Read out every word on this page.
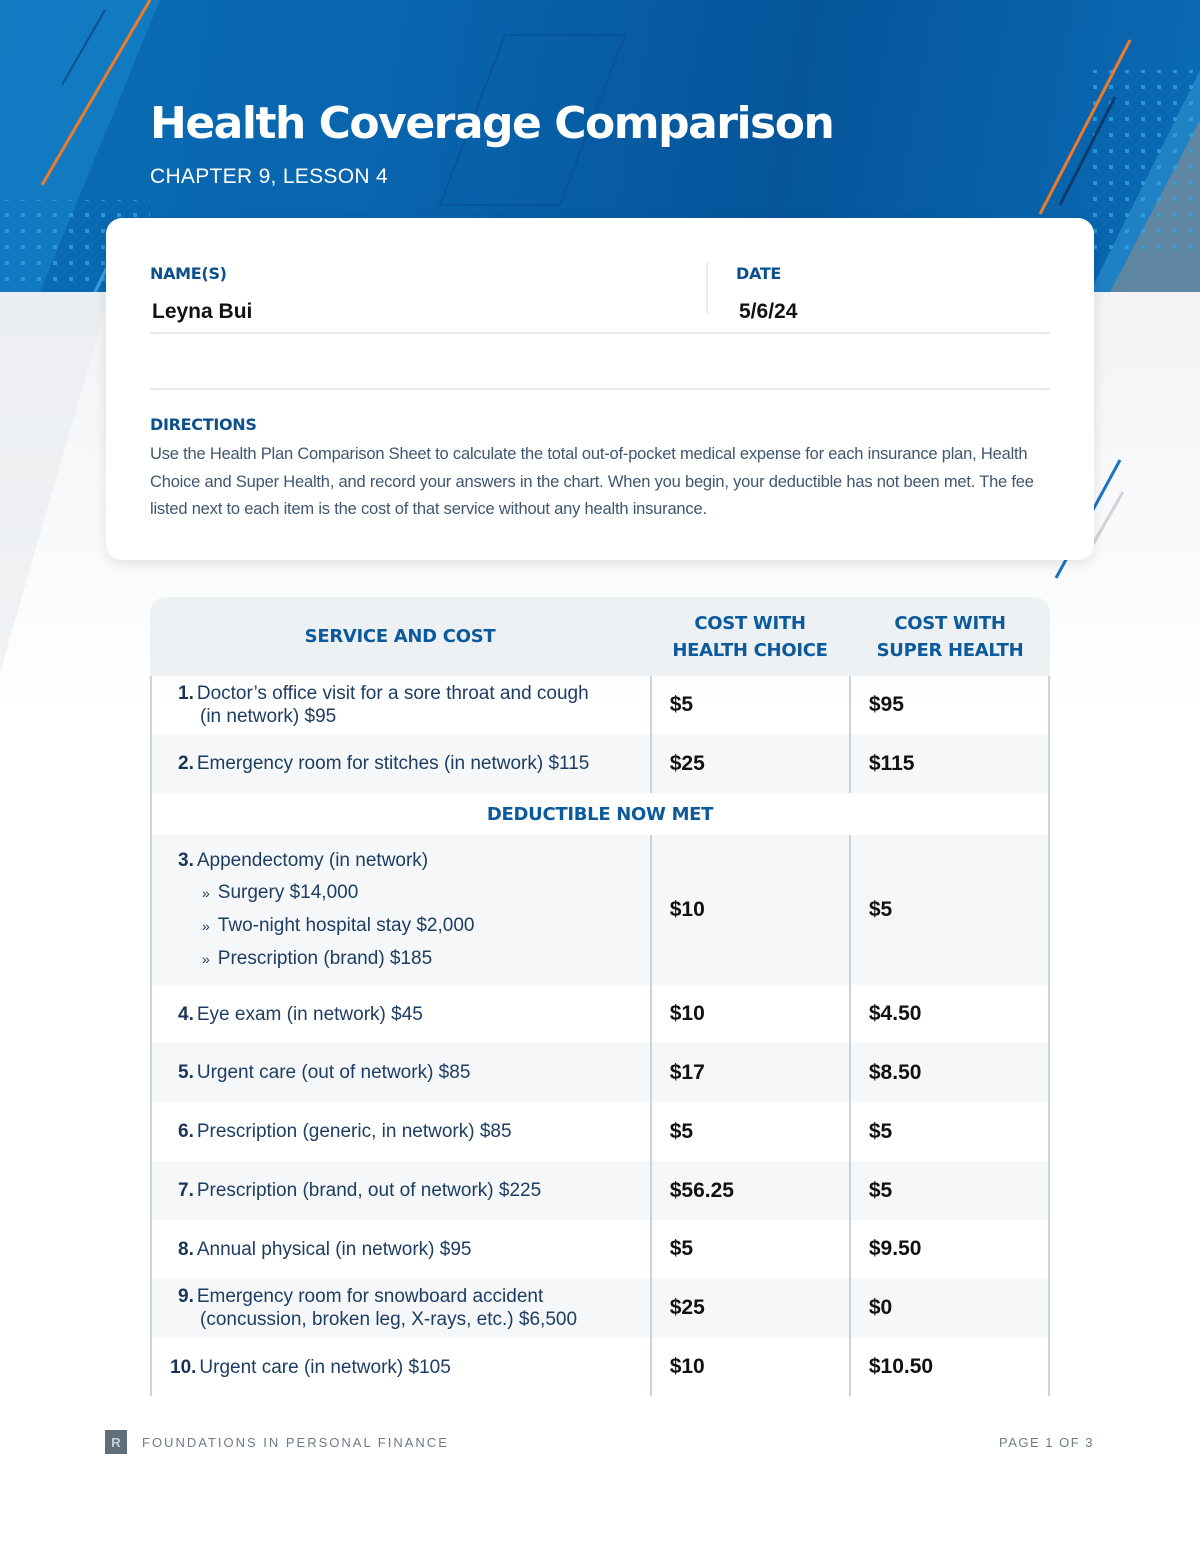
Health Coverage Comparison
CHAPTER 9, LESSON 4
NAME(S)
Leyna Bui
DATE
5/6/24
DIRECTIONS
Use the Health Plan Comparison Sheet to calculate the total out-of-pocket medical expense for each insurance plan, Health Choice and Super Health, and record your answers in the chart. When you begin, your deductible has not been met. The fee listed next to each item is the cost of that service without any health insurance.
SERVICE AND COST
COST WITH
HEALTH CHOICE
COST WITH
SUPER HEALTH
1. Doctor’s office visit for a sore throat and cough
(in network) $95
$5	$95
2. Emergency room for stitches (in network) $115	$25	$115
DEDUCTIBLE NOW MET
3. Appendectomy (in network)
» Surgery $14,000
» Two-night hospital stay $2,000
» Prescription (brand) $185
$10	$5
4. Eye exam (in network) $45	$10	$4.50
5. Urgent care (out of network) $85	$17	$8.50
6. Prescription (generic, in network) $85	$5	$5
7. Prescription (brand, out of network) $225	$56.25	$5
8. Annual physical (in network) $95	$5	$9.50
9. Emergency room for snowboard accident
(concussion, broken leg, X-rays, etc.) $6,500
$25	$0
10. Urgent care (in network) $105	$10	$10.50
R	FOUNDATIONS IN PERSONAL FINANCE	PAGE 1 OF 3
